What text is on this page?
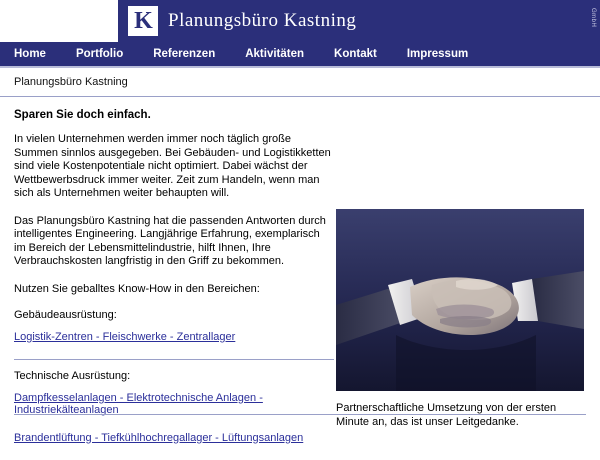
K Planungsbüro Kastning	GmbH
Home	Portfolio	Referenzen	Aktivitäten	Kontakt	Impressum
Planungsbüro Kastning

Sparen Sie doch einfach.

In vielen Unternehmen werden immer noch täglich große Summen sinnlos ausgegeben. Bei Gebäuden- und Logistikketten sind viele Kostenpotentiale nicht optimiert. Dabei wächst der Wettbewerbsdruck immer weiter. Zeit zum Handeln, wenn man sich als Unternehmen weiter behaupten will.

Das Planungsbüro Kastning hat die passenden Antworten durch intelligentes Engineering. Langjährige Erfahrung, exemplarisch im Bereich der Lebensmittelindustrie, hilft Ihnen, Ihre Verbrauchskosten langfristig in den Griff zu bekommen.

Nutzen Sie geballtes Know-How in den Bereichen:

Gebäudeausrüstung:

Logistik-Zentren - Fleischwerke - Zentrallager

Technische Ausrüstung:

Dampfkesselanlagen - Elektrotechnische Anlagen - Industriekälteanlagen
Brandentlüftung - Tiefkühlhochregallager - Lüftungsanlagen
Partnerschaftliche Umsetzung von der ersten Minute an, das ist unser Leitgedanke.
